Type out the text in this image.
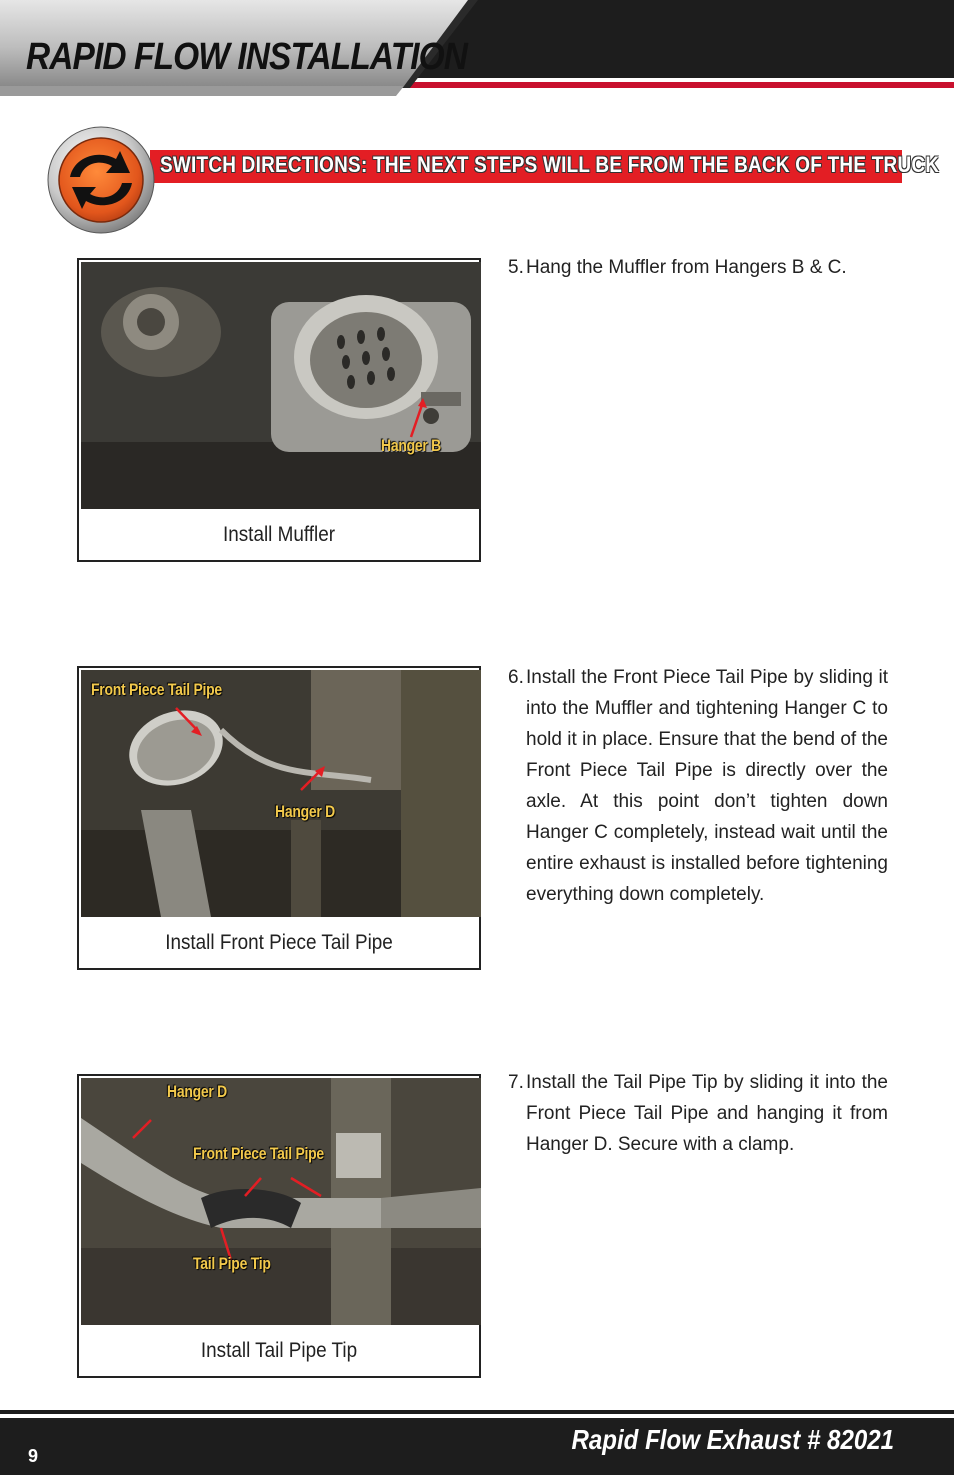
RAPID FLOW INSTALLATION
SWITCH DIRECTIONS: THE NEXT STEPS WILL BE FROM THE BACK OF THE TRUCK
Hanger B
Install Muffler
Front Piece Tail Pipe
Hanger D
Install Front Piece Tail Pipe
Hanger D
Front Piece Tail Pipe
Tail Pipe Tip
Install Tail Pipe Tip
5. Hang the Muffler from Hangers B & C.
6. Install the Front Piece Tail Pipe by sliding it into the Muffler and tightening Hanger C to hold it in place. Ensure that the bend of the Front Piece Tail Pipe is directly over the axle. At this point don’t tighten down Hanger C completely, instead wait until the entire exhaust is installed before tightening everything down completely.
7. Install the Tail Pipe Tip by sliding it into the Front Piece Tail Pipe and hanging it from Hanger D. Secure with a clamp.
9
Rapid Flow Exhaust # 82021
